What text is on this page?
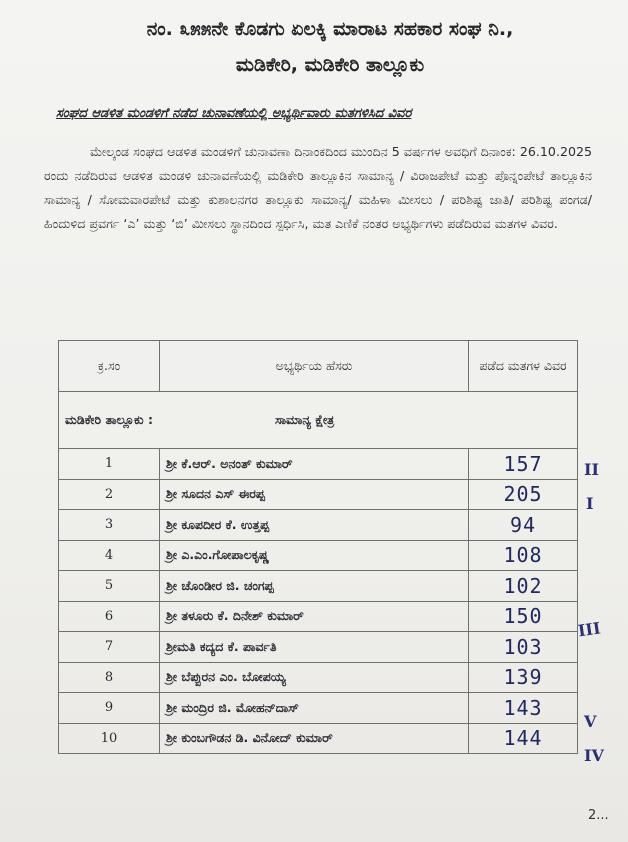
ನಂ. ೩೫೫ನೇ ಕೊಡಗು ಏಲಕ್ಕಿ ಮಾರಾಟ ಸಹಕಾರ ಸಂಘ ನಿ.,
ಮಡಿಕೇರಿ, ಮಡಿಕೇರಿ ತಾಲ್ಲೂಕು
ಸಂಘದ ಆಡಳಿತ ಮಂಡಳಿಗೆ ನಡೆದ ಚುನಾವಣೆಯಲ್ಲಿ ಅಭ್ಯರ್ಥಿವಾರು ಮತಗಳಿಸಿದ ವಿವರ
ಮೇಲ್ಕಂಡ ಸಂಘದ ಆಡಳಿತ ಮಂಡಳಿಗೆ ಚುನಾವಣಾ ದಿನಾಂಕದಿಂದ ಮುಂದಿನ 5 ವರ್ಷಗಳ ಅವಧಿಗೆ ದಿನಾಂಕ: 26.10.2025 ರಂದು ನಡೆದಿರುವ ಆಡಳಿತ ಮಂಡಳಿ ಚುನಾವಣೆಯಲ್ಲಿ ಮಡಿಕೇರಿ ತಾಲ್ಲೂಕಿನ ಸಾಮಾನ್ಯ / ವಿರಾಜಪೇಟೆ ಮತ್ತು ಪೊನ್ನಂಪೇಟೆ ತಾಲ್ಲೂಕಿನ ಸಾಮಾನ್ಯ / ಸೋಮವಾರಪೇಟೆ ಮತ್ತು ಕುಶಾಲನಗರ ತಾಲ್ಲೂಕು ಸಾಮಾನ್ಯ/ ಮಹಿಳಾ ಮೀಸಲು / ಪರಿಶಿಷ್ಟ ಜಾತಿ/ ಪರಿಶಿಷ್ಟ ಪಂಗಡ/ ಹಿಂದುಳಿದ ಪ್ರವರ್ಗ ‘ಎ’ ಮತ್ತು ‘ಬಿ’ ಮೀಸಲು ಸ್ಥಾನದಿಂದ ಸ್ಪರ್ಧಿಸಿ, ಮತ ಎಣಿಕೆ ನಂತರ ಅಭ್ಯರ್ಥಿಗಳು ಪಡೆದಿರುವ ಮತಗಳ ವಿವರ.
ಕ್ರ.ಸಂ	ಅಭ್ಯರ್ಥಿಯ ಹೆಸರು	ಪಡೆದ ಮತಗಳ ವಿವರ

ಮಡಿಕೇರಿ ತಾಲ್ಲೂಕು : ಸಾಮಾನ್ಯ ಕ್ಷೇತ್ರ		

1	ಶ್ರೀ ಕೆ.ಆರ್. ಅನಂತ್ ಕುಮಾರ್	157
2	ಶ್ರೀ ಸೂದನ ಎಸ್ ಈರಪ್ಪ	205
3	ಶ್ರೀ ಕೂಪದೀರ ಕೆ. ಉತ್ತಪ್ಪ	94
4	ಶ್ರೀ ಎ.ಎಂ.ಗೋಪಾಲಕೃಷ್ಣ	108
5	ಶ್ರೀ ಚೊಂಡೀರ ಜಿ. ಚಂಗಪ್ಪ	102
6	ಶ್ರೀ ತಳೂರು ಕೆ. ದಿನೇಶ್ ಕುಮಾರ್	150
7	ಶ್ರೀಮತಿ ಕದ್ಯದ ಕೆ. ಪಾರ್ವತಿ	103
8	ಶ್ರೀ ಬೆಪ್ಪುರನ ಎಂ. ಬೋಪಯ್ಯ	139
9	ಶ್ರೀ ಮಂದ್ರಿರ ಜಿ. ಮೋಹನ್‌ದಾಸ್	143
10	ಶ್ರೀ ಕುಂಬಗೌಡನ ಡಿ. ವಿನೋದ್ ಕುಮಾರ್	144
II
I
III
V
IV
2...
